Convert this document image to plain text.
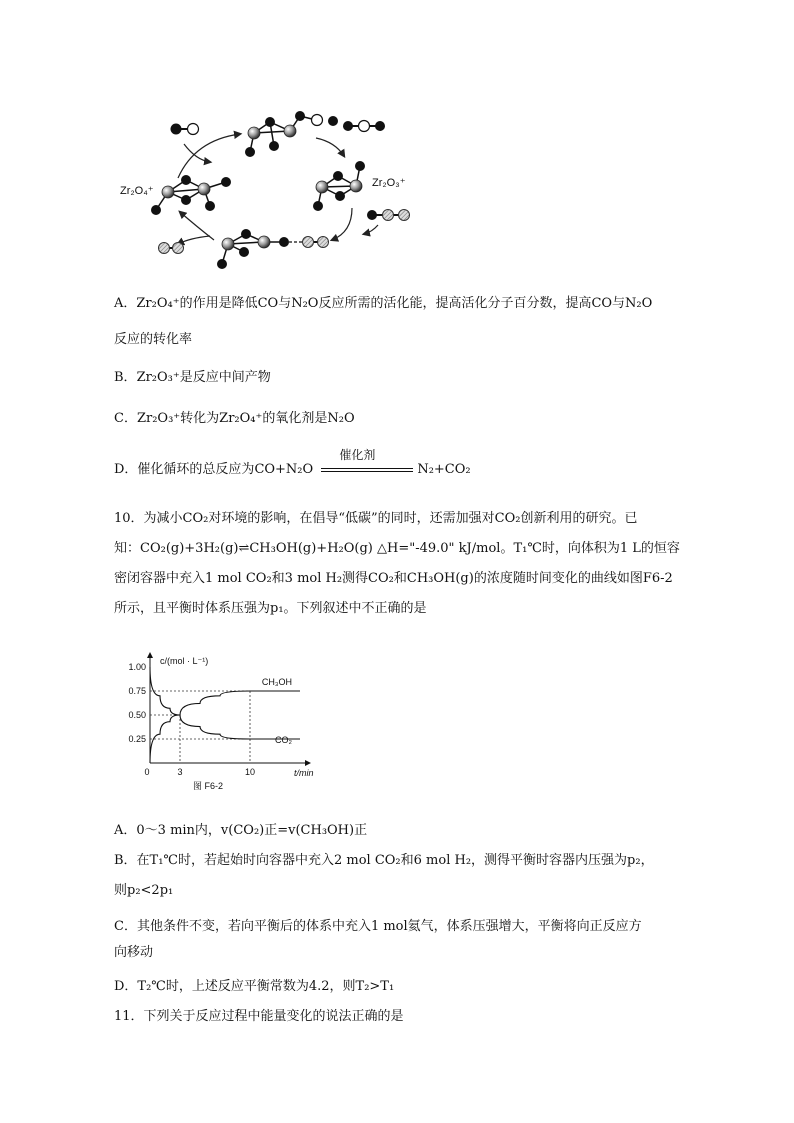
Zr₂O₃⁺
Zr₂O₄⁺
A．Zr₂O₄⁺的作用是降低CO与N₂O反应所需的活化能，提高活化分子百分数，提高CO与N₂O
反应的转化率
B．Zr₂O₃⁺是反应中间产物
C．Zr₂O₃⁺转化为Zr₂O₄⁺的氧化剂是N₂O
D．催化循环的总反应为CO+N₂O
催化剂
N₂+CO₂
10．为减小CO₂对环境的影响，在倡导“低碳”的同时，还需加强对CO₂创新利用的研究。已
知：CO₂(g)+3H₂(g)⇌CH₃OH(g)+H₂O(g) △H="-49.0" kJ/mol。T₁℃时，向体积为1 L的恒容
密闭容器中充入1 mol CO₂和3 mol H₂测得CO₂和CH₃OH(g)的浓度随时间变化的曲线如图F6-2
所示，且平衡时体系压强为p₁。下列叙述中不正确的是
c/(mol · L⁻¹)
t/min
1.00
0.75
0.50
0.25
0	3	10
CH₃OH
CO₂
图 F6-2
A．0～3 min内，v(CO₂)正=v(CH₃OH)正
B．在T₁℃时，若起始时向容器中充入2 mol CO₂和6 mol H₂，测得平衡时容器内压强为p₂，
则p₂<2p₁
C．其他条件不变，若向平衡后的体系中充入1 mol氦气，体系压强增大，平衡将向正反应方
向移动
D．T₂℃时，上述反应平衡常数为4.2，则T₂>T₁
11．下列关于反应过程中能量变化的说法正确的是
